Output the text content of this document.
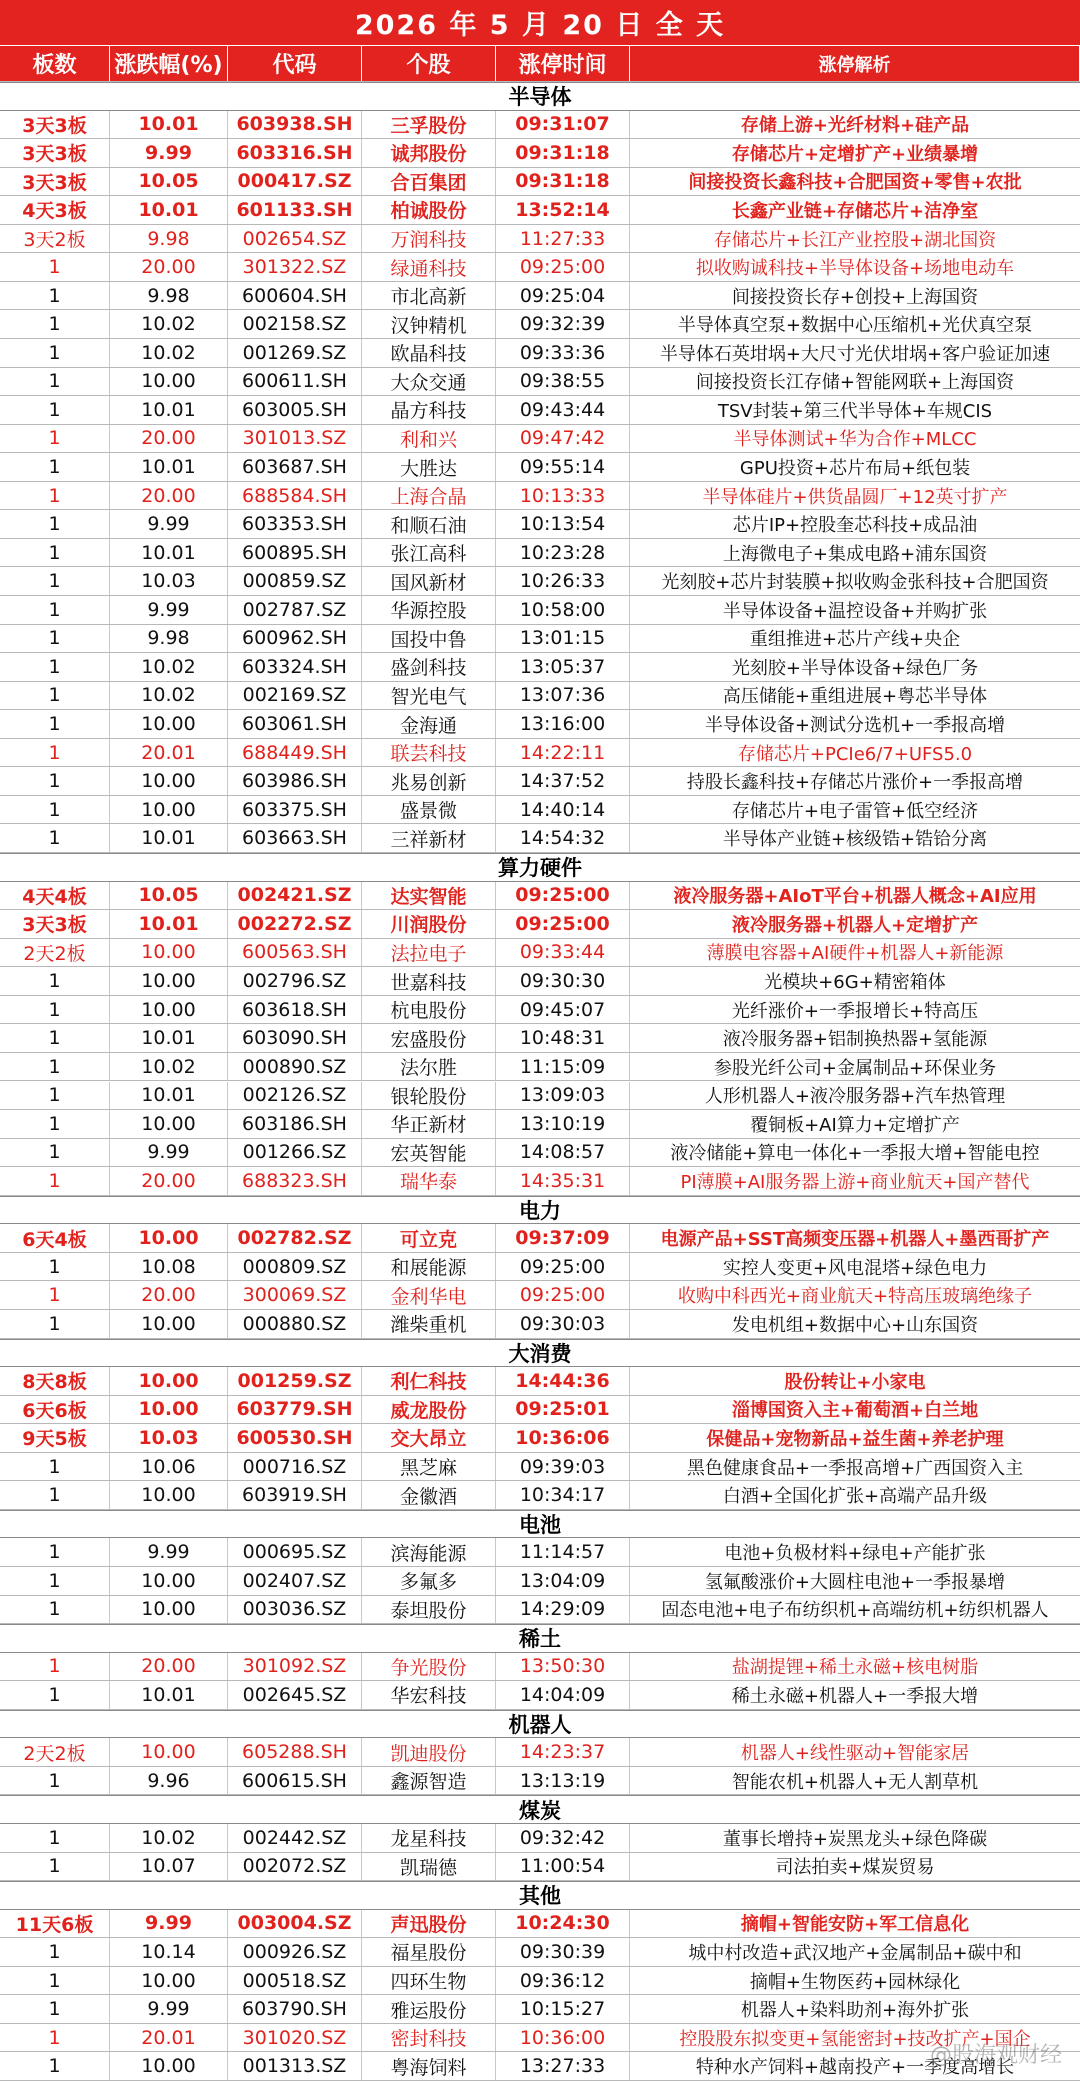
2026 年 5 月 20 日 全 天
板数	涨跌幅(%)	代码	个股	涨停时间	涨停解析
半导体
3天3板	10.01	603938.SH	三孚股份	09:31:07	存储上游+光纤材料+硅产品
3天3板	9.99	603316.SH	诚邦股份	09:31:18	存储芯片+定增扩产+业绩暴增
3天3板	10.05	000417.SZ	合百集团	09:31:18	间接投资长鑫科技+合肥国资+零售+农批
4天3板	10.01	601133.SH	柏诚股份	13:52:14	长鑫产业链+存储芯片+洁净室
3天2板	9.98	002654.SZ	万润科技	11:27:33	存储芯片+长江产业控股+湖北国资
1	20.00	301322.SZ	绿通科技	09:25:00	拟收购诚科技+半导体设备+场地电动车
1	9.98	600604.SH	市北高新	09:25:04	间接投资长存+创投+上海国资
1	10.02	002158.SZ	汉钟精机	09:32:39	半导体真空泵+数据中心压缩机+光伏真空泵
1	10.02	001269.SZ	欧晶科技	09:33:36	半导体石英坩埚+大尺寸光伏坩埚+客户验证加速
1	10.00	600611.SH	大众交通	09:38:55	间接投资长江存储+智能网联+上海国资
1	10.01	603005.SH	晶方科技	09:43:44	TSV封装+第三代半导体+车规CIS
1	20.00	301013.SZ	利和兴	09:47:42	半导体测试+华为合作+MLCC
1	10.01	603687.SH	大胜达	09:55:14	GPU投资+芯片布局+纸包装
1	20.00	688584.SH	上海合晶	10:13:33	半导体硅片+供货晶圆厂+12英寸扩产
1	9.99	603353.SH	和顺石油	10:13:54	芯片IP+控股奎芯科技+成品油
1	10.01	600895.SH	张江高科	10:23:28	上海微电子+集成电路+浦东国资
1	10.03	000859.SZ	国风新材	10:26:33	光刻胶+芯片封装膜+拟收购金张科技+合肥国资
1	9.99	002787.SZ	华源控股	10:58:00	半导体设备+温控设备+并购扩张
1	9.98	600962.SH	国投中鲁	13:01:15	重组推进+芯片产线+央企
1	10.02	603324.SH	盛剑科技	13:05:37	光刻胶+半导体设备+绿色厂务
1	10.02	002169.SZ	智光电气	13:07:36	高压储能+重组进展+粤芯半导体
1	10.00	603061.SH	金海通	13:16:00	半导体设备+测试分选机+一季报高增
1	20.01	688449.SH	联芸科技	14:22:11	存储芯片+PCIe6/7+UFS5.0
1	10.00	603986.SH	兆易创新	14:37:52	持股长鑫科技+存储芯片涨价+一季报高增
1	10.00	603375.SH	盛景微	14:40:14	存储芯片+电子雷管+低空经济
1	10.01	603663.SH	三祥新材	14:54:32	半导体产业链+核级锆+锆铪分离
算力硬件
4天4板	10.05	002421.SZ	达实智能	09:25:00	液冷服务器+AIoT平台+机器人概念+AI应用
3天3板	10.01	002272.SZ	川润股份	09:25:00	液冷服务器+机器人+定增扩产
2天2板	10.00	600563.SH	法拉电子	09:33:44	薄膜电容器+AI硬件+机器人+新能源
1	10.00	002796.SZ	世嘉科技	09:30:30	光模块+6G+精密箱体
1	10.00	603618.SH	杭电股份	09:45:07	光纤涨价+一季报增长+特高压
1	10.01	603090.SH	宏盛股份	10:48:31	液冷服务器+铝制换热器+氢能源
1	10.02	000890.SZ	法尔胜	11:15:09	参股光纤公司+金属制品+环保业务
1	10.01	002126.SZ	银轮股份	13:09:03	人形机器人+液冷服务器+汽车热管理
1	10.00	603186.SH	华正新材	13:10:19	覆铜板+AI算力+定增扩产
1	9.99	001266.SZ	宏英智能	14:08:57	液冷储能+算电一体化+一季报大增+智能电控
1	20.00	688323.SH	瑞华泰	14:35:31	PI薄膜+AI服务器上游+商业航天+国产替代
电力
6天4板	10.00	002782.SZ	可立克	09:37:09	电源产品+SST高频变压器+机器人+墨西哥扩产
1	10.08	000809.SZ	和展能源	09:25:00	实控人变更+风电混塔+绿色电力
1	20.00	300069.SZ	金利华电	09:25:00	收购中科西光+商业航天+特高压玻璃绝缘子
1	10.00	000880.SZ	潍柴重机	09:30:03	发电机组+数据中心+山东国资
大消费
8天8板	10.00	001259.SZ	利仁科技	14:44:36	股份转让+小家电
6天6板	10.00	603779.SH	威龙股份	09:25:01	淄博国资入主+葡萄酒+白兰地
9天5板	10.03	600530.SH	交大昂立	10:36:06	保健品+宠物新品+益生菌+养老护理
1	10.06	000716.SZ	黑芝麻	09:39:03	黑色健康食品+一季报高增+广西国资入主
1	10.00	603919.SH	金徽酒	10:34:17	白酒+全国化扩张+高端产品升级
电池
1	9.99	000695.SZ	滨海能源	11:14:57	电池+负极材料+绿电+产能扩张
1	10.00	002407.SZ	多氟多	13:04:09	氢氟酸涨价+大圆柱电池+一季报暴增
1	10.00	003036.SZ	泰坦股份	14:29:09	固态电池+电子布纺织机+高端纺机+纺织机器人
稀土
1	20.00	301092.SZ	争光股份	13:50:30	盐湖提锂+稀土永磁+核电树脂
1	10.01	002645.SZ	华宏科技	14:04:09	稀土永磁+机器人+一季报大增
机器人
2天2板	10.00	605288.SH	凯迪股份	14:23:37	机器人+线性驱动+智能家居
1	9.96	600615.SH	鑫源智造	13:13:19	智能农机+机器人+无人割草机
煤炭
1	10.02	002442.SZ	龙星科技	09:32:42	董事长增持+炭黑龙头+绿色降碳
1	10.07	002072.SZ	凯瑞德	11:00:54	司法拍卖+煤炭贸易
其他
11天6板	9.99	003004.SZ	声迅股份	10:24:30	摘帽+智能安防+军工信息化
1	10.14	000926.SZ	福星股份	09:30:39	城中村改造+武汉地产+金属制品+碳中和
1	10.00	000518.SZ	四环生物	09:36:12	摘帽+生物医药+园林绿化
1	9.99	603790.SH	雅运股份	10:15:27	机器人+染料助剂+海外扩张
1	20.01	301020.SZ	密封科技	10:36:00	控股股东拟变更+氢能密封+技改扩产+国企
1	10.00	001313.SZ	粤海饲料	13:27:33	特种水产饲料+越南投产+一季度高增长
@股海观财经
